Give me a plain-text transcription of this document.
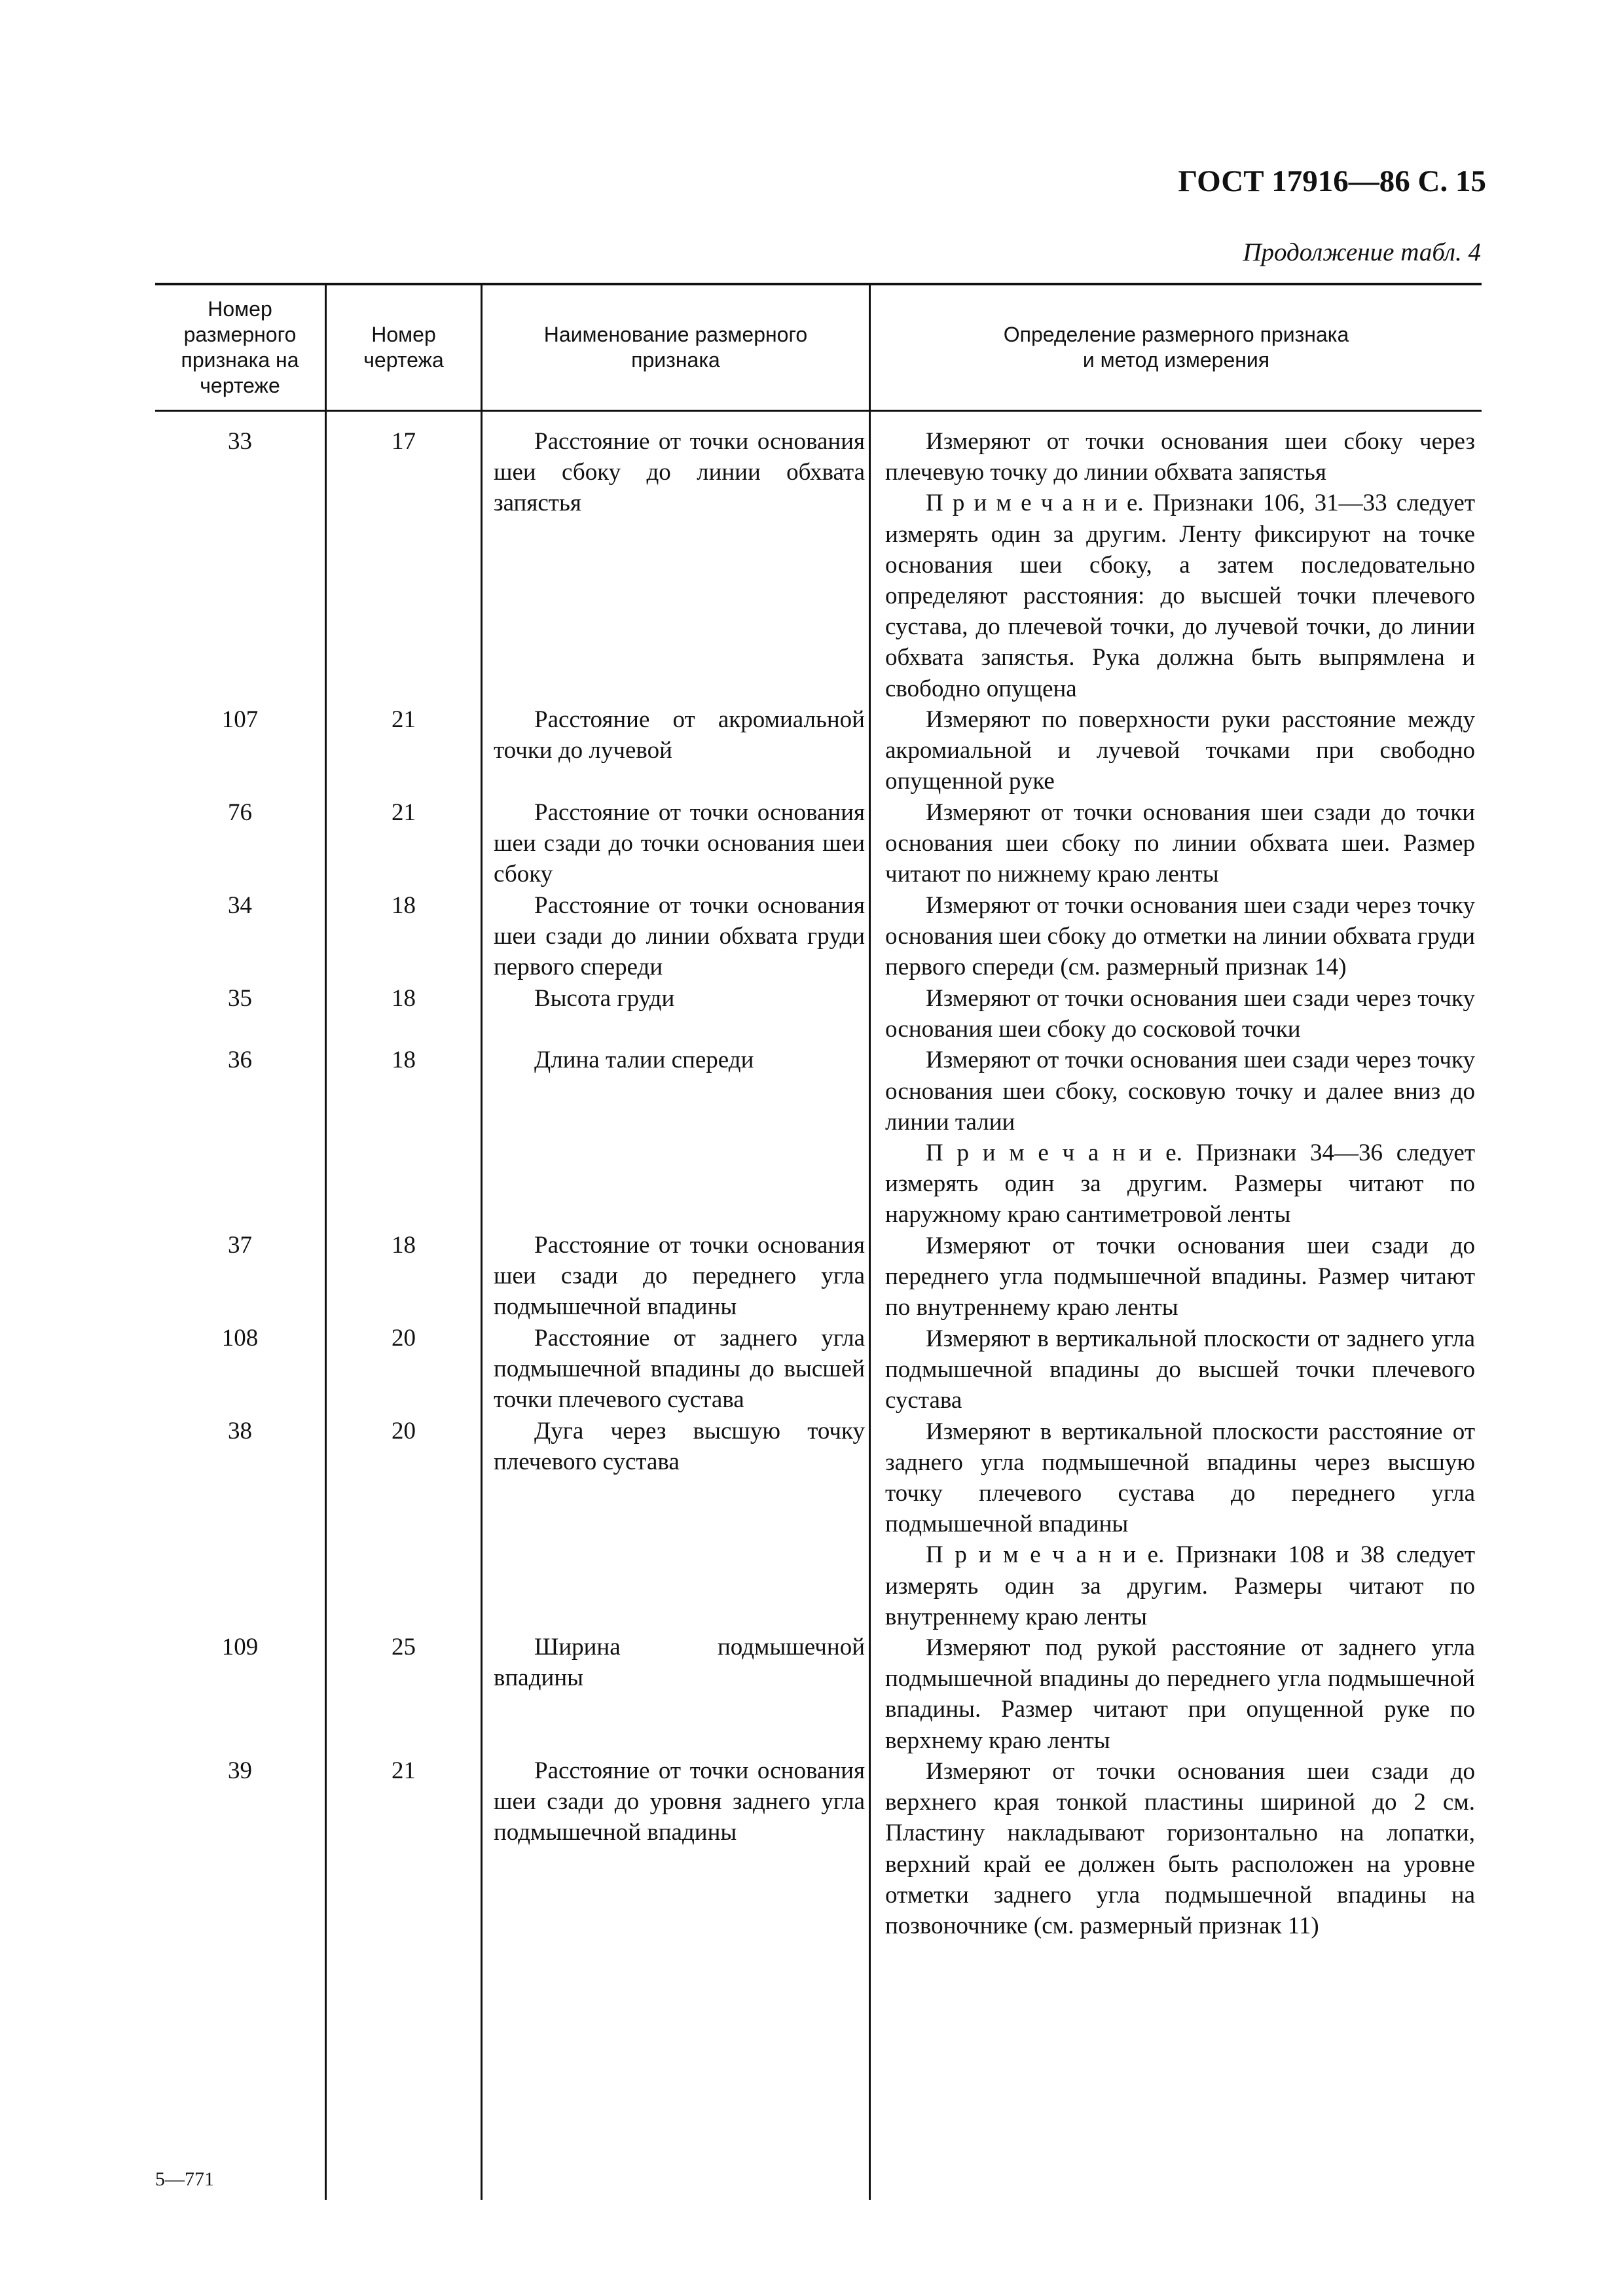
ГОСТ 17916—86 С. 15
Продолжение табл. 4
Номер
размерного
признака на
чертеже
Номер
чертежа
Наименование размерного
признака
Определение размерного признака
и метод измерения

33

107

76

34

35

36

37

108

38

109

39

17

21

21

18

18

18

18

20

20

25

21

Расстояние от точки основания шеи сбоку до линии обхвата запястья

Расстояние от акромиальной точки до лучевой

Расстояние от точки основания шеи сзади до точки основания шеи сбоку

Расстояние от точки основания шеи сзади до линии обхвата груди первого спереди

Высота груди

Длина талии спереди

Расстояние от точки основания шеи сзади до переднего угла подмышечной впадины

Расстояние от заднего угла подмышечной впадины до высшей точки плечевого сустава

Дуга через высшую точку плечевого сустава

Ширина подмышечной впадины

Расстояние от точки основания шеи сзади до уровня заднего угла подмышечной впадины

Измеряют от точки основания шеи сбоку через плечевую точку до линии обхвата запястья

П р и м е ч а н и е. Признаки 106, 31—33 следует измерять один за другим. Ленту фиксируют на точке основания шеи сбоку, а затем последовательно определяют расстояния: до высшей точки плечевого сустава, до плечевой точки, до лучевой точки, до линии обхвата запястья. Рука должна быть выпрямлена и свободно опущена

Измеряют по поверхности руки расстояние между акромиальной и лучевой точками при свободно опущенной руке

Измеряют от точки основания шеи сзади до точки основания шеи сбоку по линии обхвата шеи. Размер читают по нижнему краю ленты

Измеряют от точки основания шеи сзади через точку основания шеи сбоку до отметки на линии обхвата груди первого спереди (см. размерный признак 14)

Измеряют от точки основания шеи сзади через точку основания шеи сбоку до сосковой точки

Измеряют от точки основания шеи сзади через точку основания шеи сбоку, сосковую точку и далее вниз до линии талии

П р и м е ч а н и е. Признаки 34—36 следует измерять один за другим. Размеры читают по наружному краю сантиметровой ленты

Измеряют от точки основания шеи сзади до переднего угла подмышечной впадины. Размер читают по внутреннему краю ленты

Измеряют в вертикальной плоскости от заднего угла подмышечной впадины до высшей точки плечевого сустава

Измеряют в вертикальной плоскости расстояние от заднего угла подмышечной впадины через высшую точку плечевого сустава до переднего угла подмышечной впадины

П р и м е ч а н и е. Признаки 108 и 38 следует измерять один за другим. Размеры читают по внутреннему краю ленты

Измеряют под рукой расстояние от заднего угла подмышечной впадины до переднего угла подмышечной впадины. Размер читают при опущенной руке по верхнему краю ленты

Измеряют от точки основания шеи сзади до верхнего края тонкой пластины шириной до 2 см. Пластину накладывают горизонтально на лопатки, верхний край ее должен быть расположен на уровне отметки заднего угла подмышечной впадины на позвоночнике (см. размерный признак 11)

5—771
